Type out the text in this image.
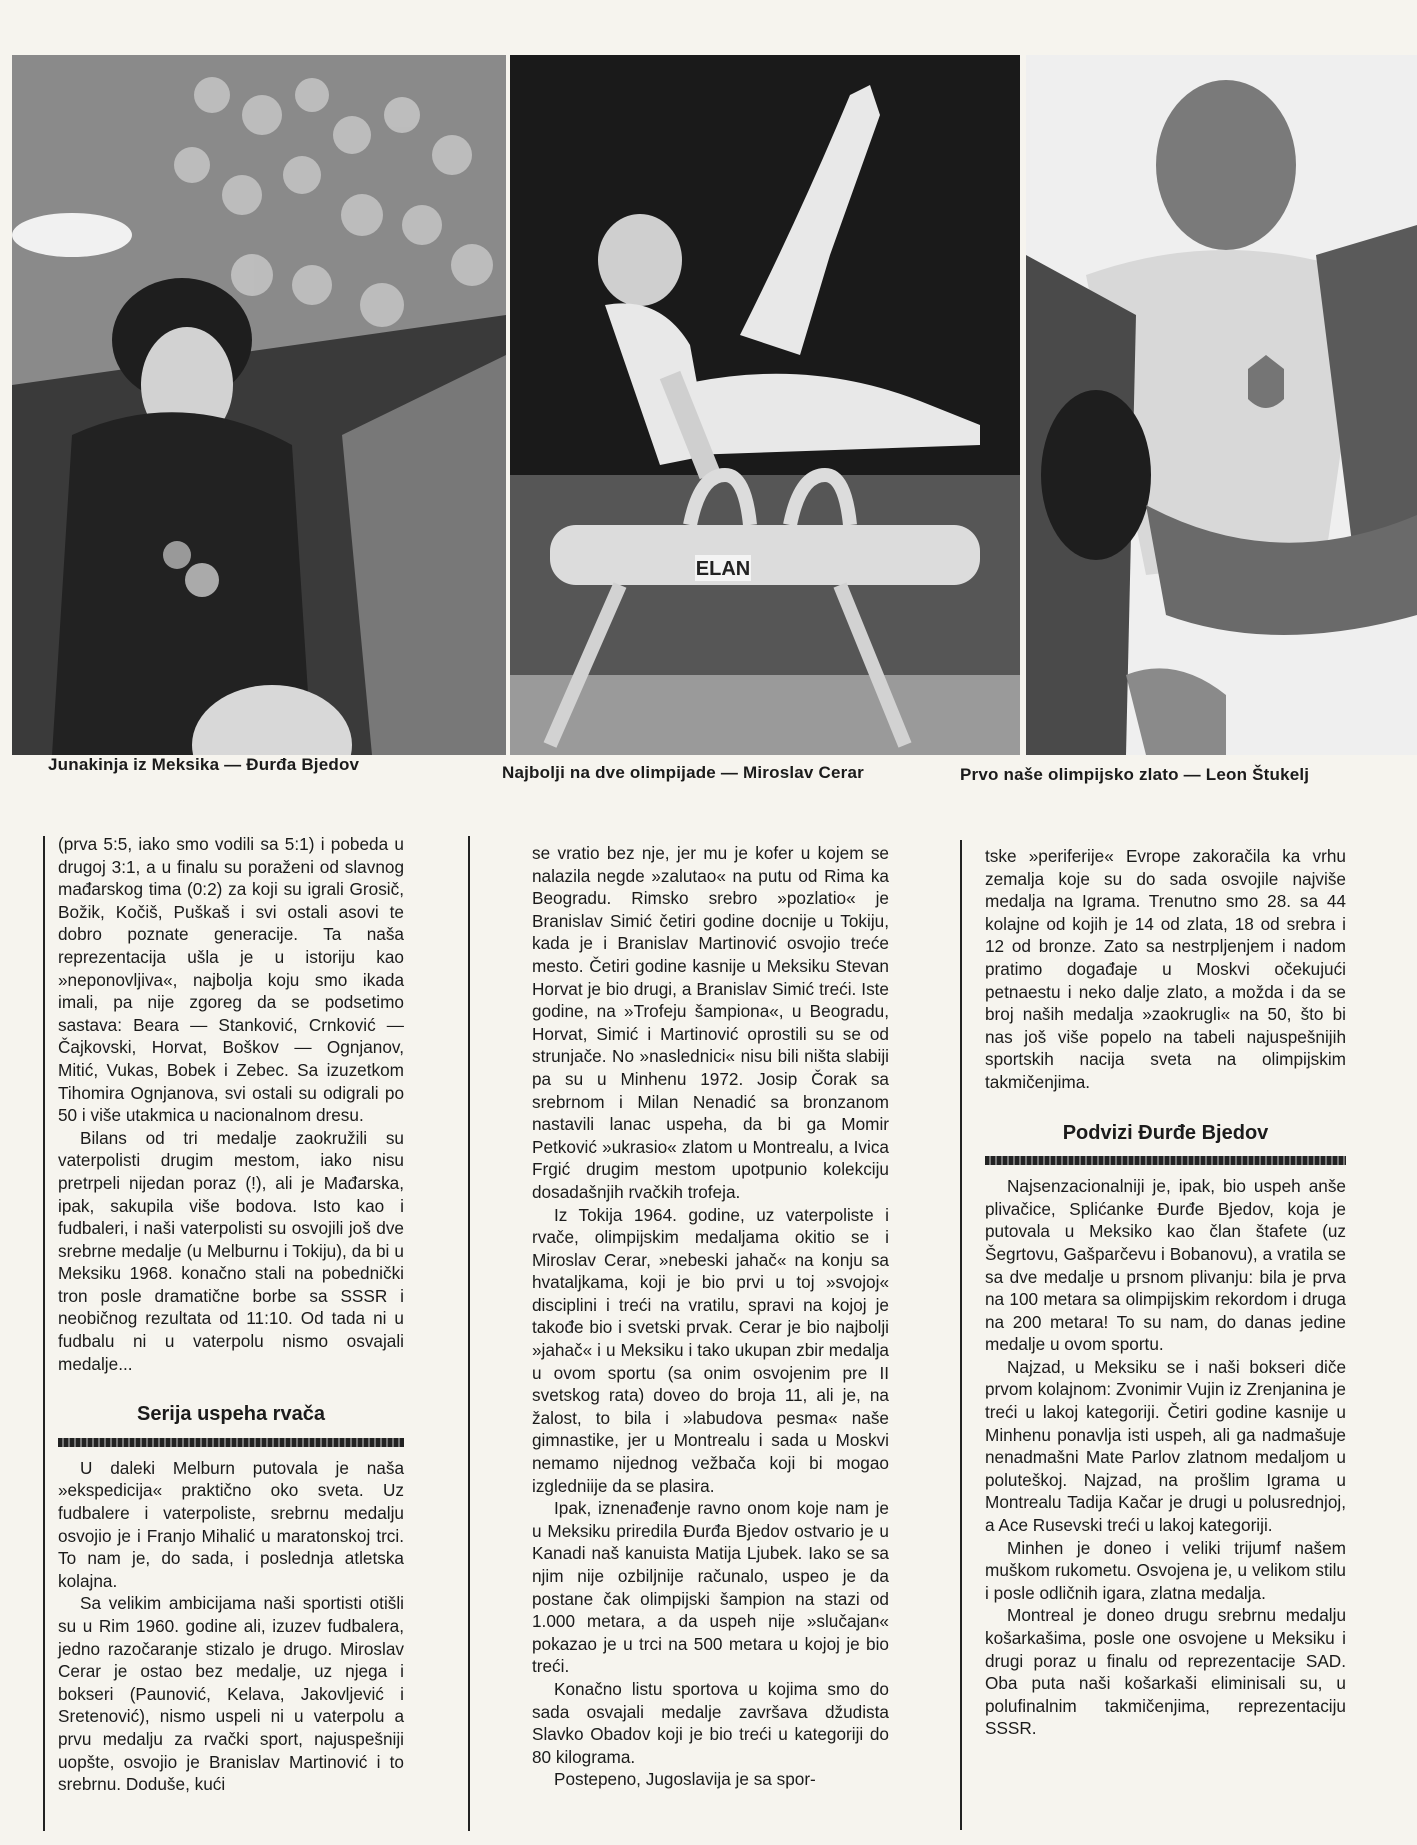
ELAN
Junakinja iz Meksika — Đurđa Bjedov	Najbolji na dve olimpijade — Miroslav Cerar	Prvo naše olimpijsko zlato — Leon Štukelj

(prva 5:5, iako smo vodili sa 5:1) i pobeda u drugoj 3:1, a u finalu su poraženi od slavnog mađarskog tima (0:2) za koji su igrali Grosič, Božik, Kočiš, Puškaš i svi ostali asovi te dobro poznate generacije. Ta naša reprezentacija ušla je u istoriju kao »neponovljiva«, najbolja koju smo ikada imali, pa nije zgoreg da se podsetimo sastava: Beara — Stanković, Crnković — Čajkovski, Horvat, Boškov — Ognjanov, Mitić, Vukas, Bobek i Zebec. Sa izuzetkom Tihomira Ognjanova, svi ostali su odigrali po 50 i više utakmica u nacionalnom dresu.

Bilans od tri medalje zaokružili su vaterpolisti drugim mestom, iako nisu pretrpeli nijedan poraz (!), ali je Mađarska, ipak, sakupila više bodova. Isto kao i fudbaleri, i naši vaterpolisti su osvojili još dve srebrne medalje (u Melburnu i Tokiju), da bi u Meksiku 1968. konačno stali na pobednički tron posle dramatične borbe sa SSSR i neobičnog rezultata od 11:10. Od tada ni u fudbalu ni u vaterpolu nismo osvajali medalje...

Serija uspeha rvača

U daleki Melburn putovala je naša »ekspedicija« praktično oko sveta. Uz fudbalere i vaterpoliste, srebrnu medalju osvojio je i Franjo Mihalić u maratonskoj trci. To nam je, do sada, i poslednja atletska kolajna.

Sa velikim ambicijama naši sportisti otišli su u Rim 1960. godine ali, izuzev fudbalera, jedno razočaranje stizalo je drugo. Miroslav Cerar je ostao bez medalje, uz njega i bokseri (Paunović, Kelava, Jakovljević i Sretenović), nismo uspeli ni u vaterpolu a prvu medalju za rvački sport, najuspešniji uopšte, osvojio je Branislav Martinović i to srebrnu. Doduše, kući

se vratio bez nje, jer mu je kofer u kojem se nalazila negde »zalutao« na putu od Rima ka Beogradu. Rimsko srebro »pozlatio« je Branislav Simić četiri godine docnije u Tokiju, kada je i Branislav Martinović osvojio treće mesto. Četiri godine kasnije u Meksiku Stevan Horvat je bio drugi, a Branislav Simić treći. Iste godine, na »Trofeju šampiona«, u Beogradu, Horvat, Simić i Martinović oprostili su se od strunjače. No »naslednici« nisu bili ništa slabiji pa su u Minhenu 1972. Josip Čorak sa srebrnom i Milan Nenadić sa bronzanom nastavili lanac uspeha, da bi ga Momir Petković »ukrasio« zlatom u Montrealu, a Ivica Frgić drugim mestom upotpunio kolekciju dosadašnjih rvačkih trofeja.

Iz Tokija 1964. godine, uz vaterpoliste i rvače, olimpijskim medaljama okitio se i Miroslav Cerar, »nebeski jahač« na konju sa hvataljkama, koji je bio prvi u toj »svojoj« disciplini i treći na vratilu, spravi na kojoj je takođe bio i svetski prvak. Cerar je bio najbolji »jahač« i u Meksiku i tako ukupan zbir medalja u ovom sportu (sa onim osvojenim pre II svetskog rata) doveo do broja 11, ali je, na žalost, to bila i »labudova pesma« naše gimnastike, jer u Montrealu i sada u Moskvi nemamo nijednog vežbača koji bi mogao izgledniije da se plasira.

Ipak, iznenađenje ravno onom koje nam je u Meksiku priredila Đurđa Bjedov ostvario je u Kanadi naš kanuista Matija Ljubek. Iako se sa njim nije ozbiljnije računalo, uspeo je da postane čak olimpijski šampion na stazi od 1.000 metara, a da uspeh nije »slučajan« pokazao je u trci na 500 metara u kojoj je bio treći.

Konačno listu sportova u kojima smo do sada osvajali medalje završava džudista Slavko Obadov koji je bio treći u kategoriji do 80 kilograma.

Postepeno, Jugoslavija je sa spor-

tske »periferije« Evrope zakoračila ka vrhu zemalja koje su do sada osvojile najviše medalja na Igrama. Trenutno smo 28. sa 44 kolajne od kojih je 14 od zlata, 18 od srebra i 12 od bronze. Zato sa nestrpljenjem i nadom pratimo događaje u Moskvi očekujući petnaestu i neko dalje zlato, a možda i da se broj naših medalja »zaokrugli« na 50, što bi nas još više popelo na tabeli najuspešnijih sportskih nacija sveta na olimpijskim takmičenjima.

Podvizi Đurđe Bjedov

Najsenzacionalniji je, ipak, bio uspeh anše plivačice, Splićanke Đurđe Bjedov, koja je putovala u Meksiko kao član štafete (uz Šegrtovu, Gašparčevu i Bobanovu), a vratila se sa dve medalje u prsnom plivanju: bila je prva na 100 metara sa olimpijskim rekordom i druga na 200 metara! To su nam, do danas jedine medalje u ovom sportu.

Najzad, u Meksiku se i naši bokseri diče prvom kolajnom: Zvonimir Vujin iz Zrenjanina je treći u lakoj kategoriji. Četiri godine kasnije u Minhenu ponavlja isti uspeh, ali ga nadmašuje nenadmašni Mate Parlov zlatnom medaljom u poluteškoj. Najzad, na prošlim Igrama u Montrealu Tadija Kačar je drugi u polusrednjoj, a Ace Rusevski treći u lakoj kategoriji.

Minhen je doneo i veliki trijumf našem muškom rukometu. Osvojena je, u velikom stilu i posle odličnih igara, zlatna medalja.

Montreal je doneo drugu srebrnu medalju košarkašima, posle one osvojene u Meksiku i drugi poraz u finalu od reprezentacije SAD. Oba puta naši košarkaši eliminisali su, u polufinalnim takmičenjima, reprezentaciju SSSR.
